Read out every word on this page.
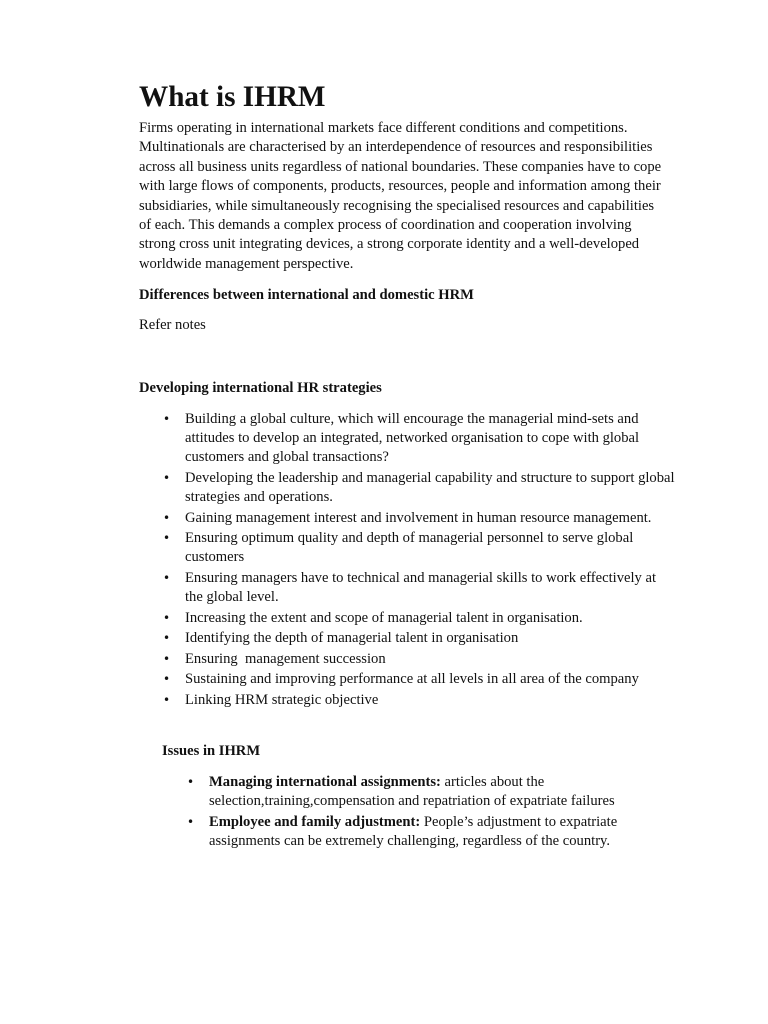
What is IHRM

Firms operating in international markets face different conditions and competitions. Multinationals are characterised by an interdependence of resources and responsibilities across all business units regardless of national boundaries. These companies have to cope with large flows of components, products, resources, people and information among their subsidiaries, while simultaneously recognising the specialised resources and capabilities of each. This demands a complex process of coordination and cooperation involving strong cross unit integrating devices, a strong corporate identity and a well-developed worldwide management perspective.

Differences between international and domestic HRM

Refer notes

Developing international HR strategies
• Building a global culture, which will encourage the managerial mind-sets and attitudes to develop an integrated, networked organisation to cope with global customers and global transactions?
• Developing the leadership and managerial capability and structure to support global strategies and operations.
• Gaining management interest and involvement in human resource management.
• Ensuring optimum quality and depth of managerial personnel to serve global customers
• Ensuring managers have to technical and managerial skills to work effectively at the global level.
• Increasing the extent and scope of managerial talent in organisation.
• Identifying the depth of managerial talent in organisation
• Ensuring  management succession
• Sustaining and improving performance at all levels in all area of the company
• Linking HRM strategic objective
Issues in IHRM
• Managing international assignments: articles about the selection,training,compensation and repatriation of expatriate failures
• Employee and family adjustment: People’s adjustment to expatriate assignments can be extremely challenging, regardless of the country.
